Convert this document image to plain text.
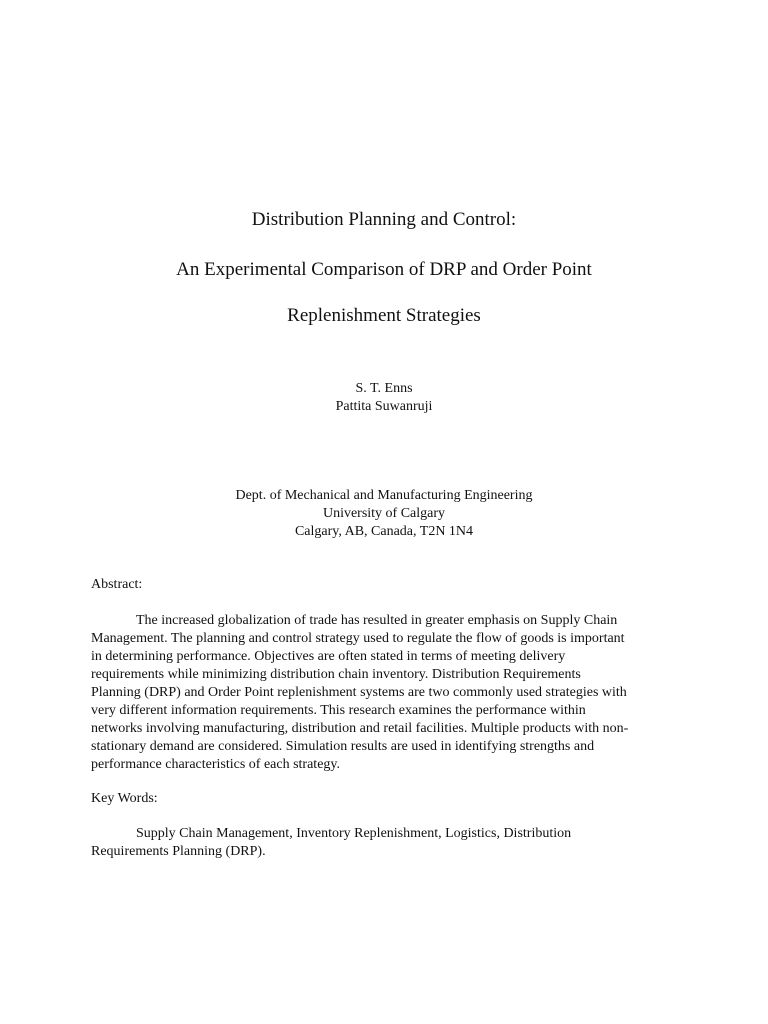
Distribution Planning and Control:
An Experimental Comparison of DRP and Order Point
Replenishment Strategies
S. T. Enns
Pattita Suwanruji
Dept. of Mechanical and Manufacturing Engineering
University of Calgary
Calgary, AB, Canada, T2N 1N4
Abstract:
The increased globalization of trade has resulted in greater emphasis on Supply Chain
Management. The planning and control strategy used to regulate the flow of goods is important
in determining performance. Objectives are often stated in terms of meeting delivery
requirements while minimizing distribution chain inventory. Distribution Requirements
Planning (DRP) and Order Point replenishment systems are two commonly used strategies with
very different information requirements. This research examines the performance within
networks involving manufacturing, distribution and retail facilities. Multiple products with non-
stationary demand are considered. Simulation results are used in identifying strengths and
performance characteristics of each strategy.
Key Words:
Supply Chain Management, Inventory Replenishment, Logistics, Distribution
Requirements Planning (DRP).
